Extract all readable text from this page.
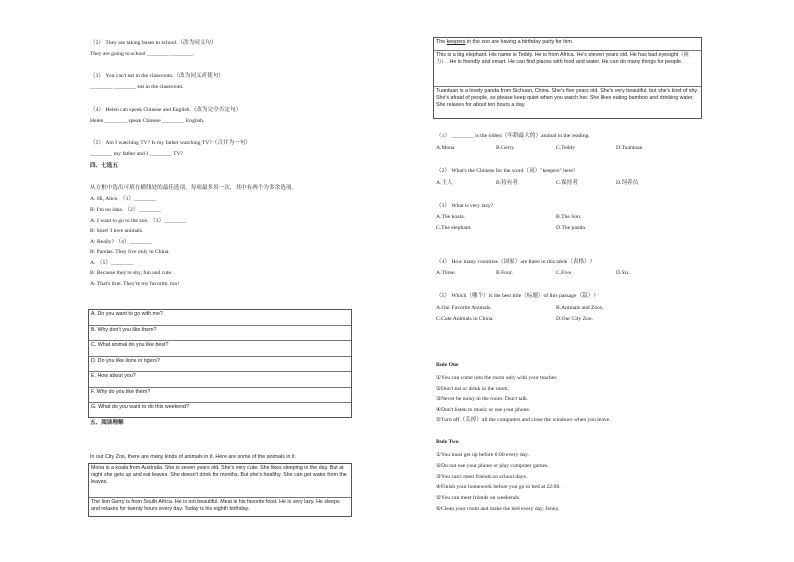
（2） They are taking buses to school.（改为同义句）
They are going to school ________ ________.
（3） You can't eat in the classroom.（改为同义祈使句）
________ ________ eat in the classroom.
（4） Helen can speak Chinese and English.（改为完全否定句）
Helen ________ speak Chinese ________ English.
（5） Am I watching TV? Is my father watching TV?（合并为一句）
________ my father and I ________ TV?
四、七选五
从方框中选出可填在横线处的最佳选项，每项最多用一次，其中有两个为多余选项。
A: Hi, Alice. （1）________
B: I'm no idea. （2）________
A: I want to go to the zoo. （3）________
B: Sure! I love animals.
A: Really? （4）________
B: Pandas. They live only in China.
A: （5）________
B: Because they're shy, fun and cute.
A: That's true. They're my favorite, too!
A. Do you want to go with me?
B. Why don't you like them?
C. What animal do you like best?
D. Do you like lions or tigers?
E. How about you?
F. Why do you like them?
G. What do you want to do this weekend?
五、阅读理解
In our City Zoo, there are many kinds of animals in it. Here are some of the animals in it.
Mona is a koala from Australia. She is seven years old. She's very cute. She likes sleeping in the day. But at night she gets up and eat leaves. She doesn't drink for months. But she's healthy. She can get water from the leaves.
The lion Gerry is from South Africa. He is not beautiful. Meat is his favorite food. He is very lazy. He sleeps and relaxes for twenty hours every day. Today is his eighth birthday.
The keepers in the zoo are having a birthday party for him.
This is a big elephant. His name is Teddy. He is from Africa. He's eleven years old. He has bad eyesight（视力）. He is friendly and smart. He can find places with food and water. He can do many things for people.
Tuantuan is a lovely panda from Sichuan, China. She's five years old. She's very beautiful, but she's kind of shy. She's afraid of people, so please keep quiet when you watch her. She likes eating bamboo and drinking water. She relaxes for about ten hours a day.
（1） ________ is the oldest（年龄最大的）animal in the reading.
A.Mona	B.Gerry	C.Teddy	D.Tuantuan
（2） What's the Chinese for the word（词）"keepers" here?
A.主人	B.持有者	C.保持者	D.饲养员
（3） What is very lazy?
A.The koala.	B.The lion.
C.The elephant.	D.The panda.
（4） How many countries（国家）are there in this table（表格）?
A.Three.	B.Four.	C.Five.	D.Six.
（5） Which（哪个）is the best title（标题）of this passage（篇）?
A.Our Favorite Animals.	B.Animals and Zoos.
C.Cute Animals in China.	D.Our City Zoo.
Rule One
①You can come into the room only with your teacher.
②Don't eat or drink in the room.
③Never be noisy in the room. Don't talk.
④Don't listen to music or use your phone.
⑤Turn off（关掉）all the computers and close the windows when you leave.
Rule Two
①You must get up before 6:00 every day.
②Do not use your phone or play computer games.
③You can't meet friends on school days.
④Finish your homework before you go to bed at 22:00.
⑤You can meet friends on weekends.
⑥Clean your room and make the bed every day, Jenny.
